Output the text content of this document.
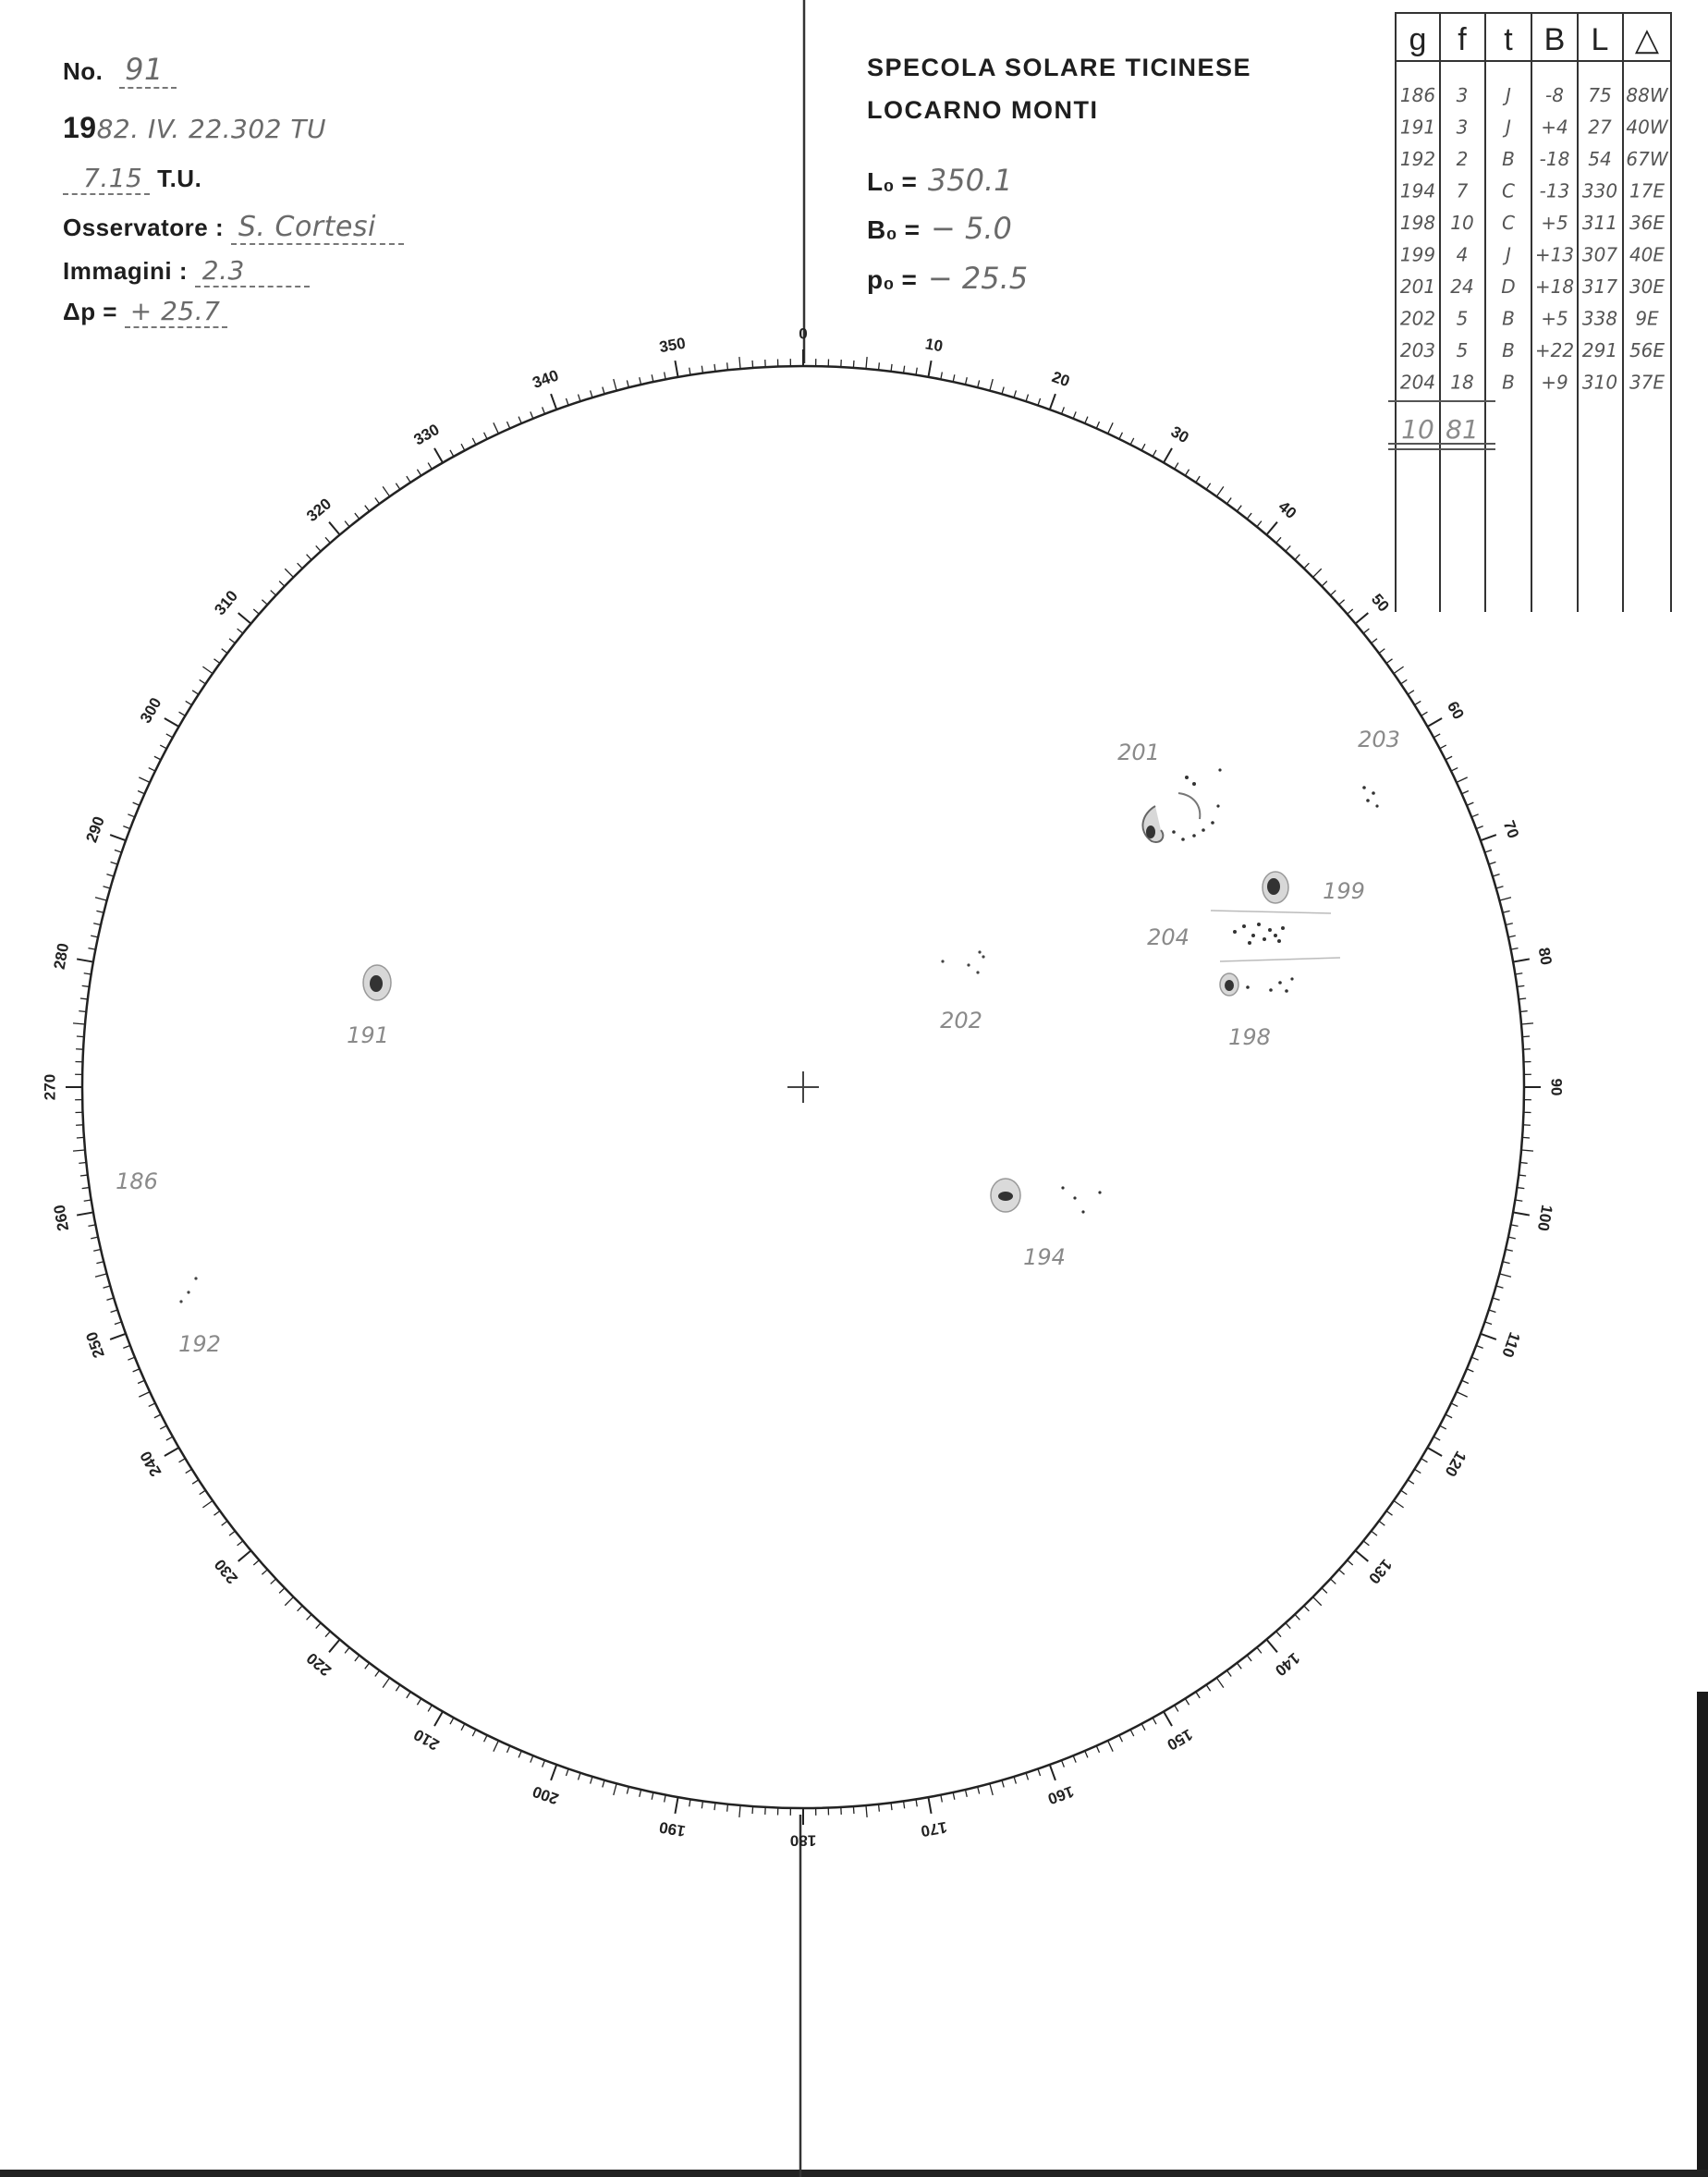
No. 91
1982. IV. 22.302 TU
7.15 T.U.
Osservatore : S. Cortesi
Immagini : 2.3
Δp = + 25.7
SPECOLA SOLARE TICINESE
LOCARNO MONTI
L₀ = 350.1
B₀ = − 5.0
p₀ = − 25.5
0
10
20
30
40
50
60
70
80
90
100
110
120
130
140
150
160
170
180
190
200
210
220
230
240
250
260
270
280
290
300
310
320
330
340
350
g f t B L △
186 3 J -8 75 88W
191 3 J +4 27 40W
192 2 B -18 54 67W
194 7 C -13 330 17E
198 10 C +5 311 36E
199 4 J +13 307 40E
201 24 D +18 317 30E
202 5 B +5 338 9E
203 5 B +22 291 56E
204 18 B +9 310 37E
10 81
186
191
192
194
198
199
201
202
203
204
